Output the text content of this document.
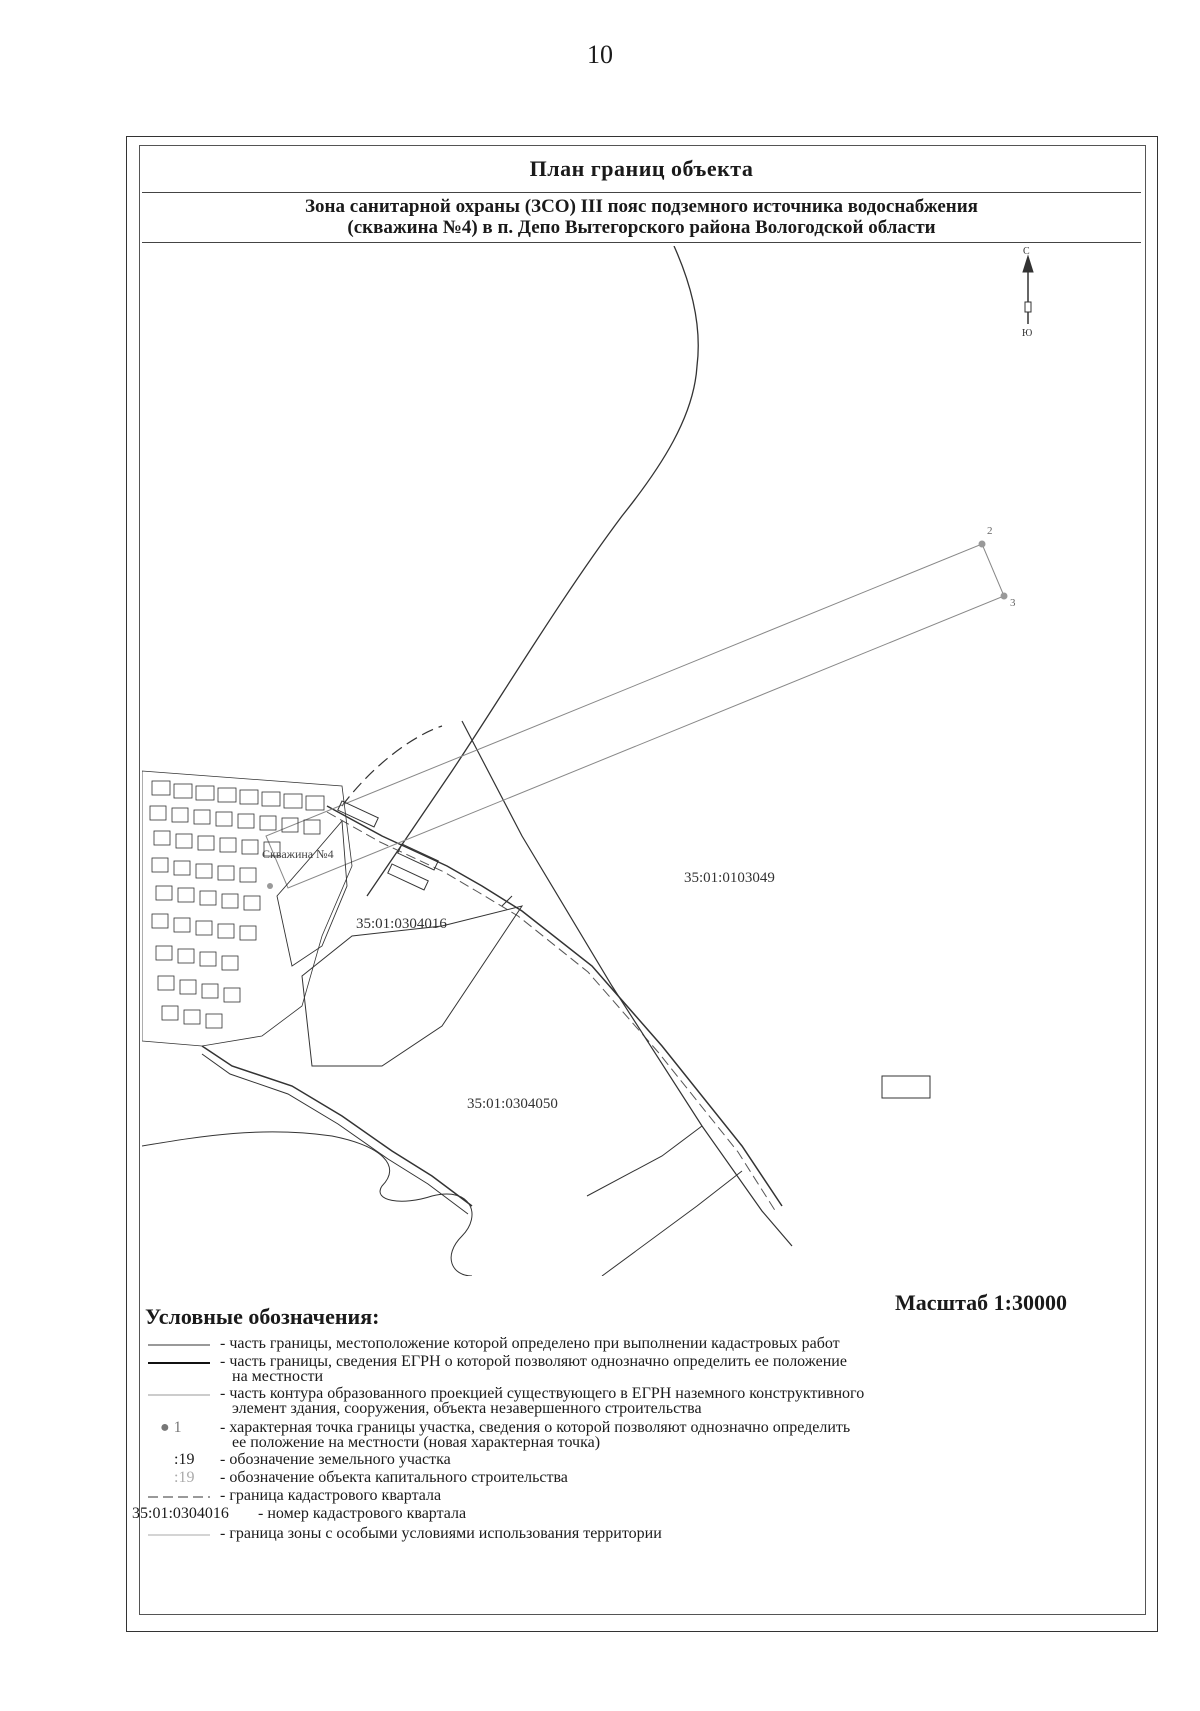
10
План границ объекта
Зона санитарной охраны (ЗСО) III пояс подземного источника водоснабжения
(скважина №4) в п. Депо Вытегорского района Вологодской области
С
Ю
2
3
Скважина №4
35:01:0103049
35:01:0304016
35:01:0304050
Масштаб 1:30000
Условные обозначения:
- часть границы, местоположение которой определено при выполнении кадастровых работ
- часть границы, сведения ЕГРН о которой позволяют однозначно определить ее положение
на местности
- часть контура образованного проекцией существующего в ЕГРН наземного конструктивного
элемент здания, сооружения, объекта незавершенного строительства
● 1 - характерная точка границы участка, сведения о которой позволяют однозначно определить
ее положение на местности (новая характерная точка)
:19 - обозначение земельного участка
:19 - обозначение объекта капитального строительства
- граница кадастрового квартала
35:01:0304016 - номер кадастрового квартала
- граница зоны с особыми условиями использования территории
